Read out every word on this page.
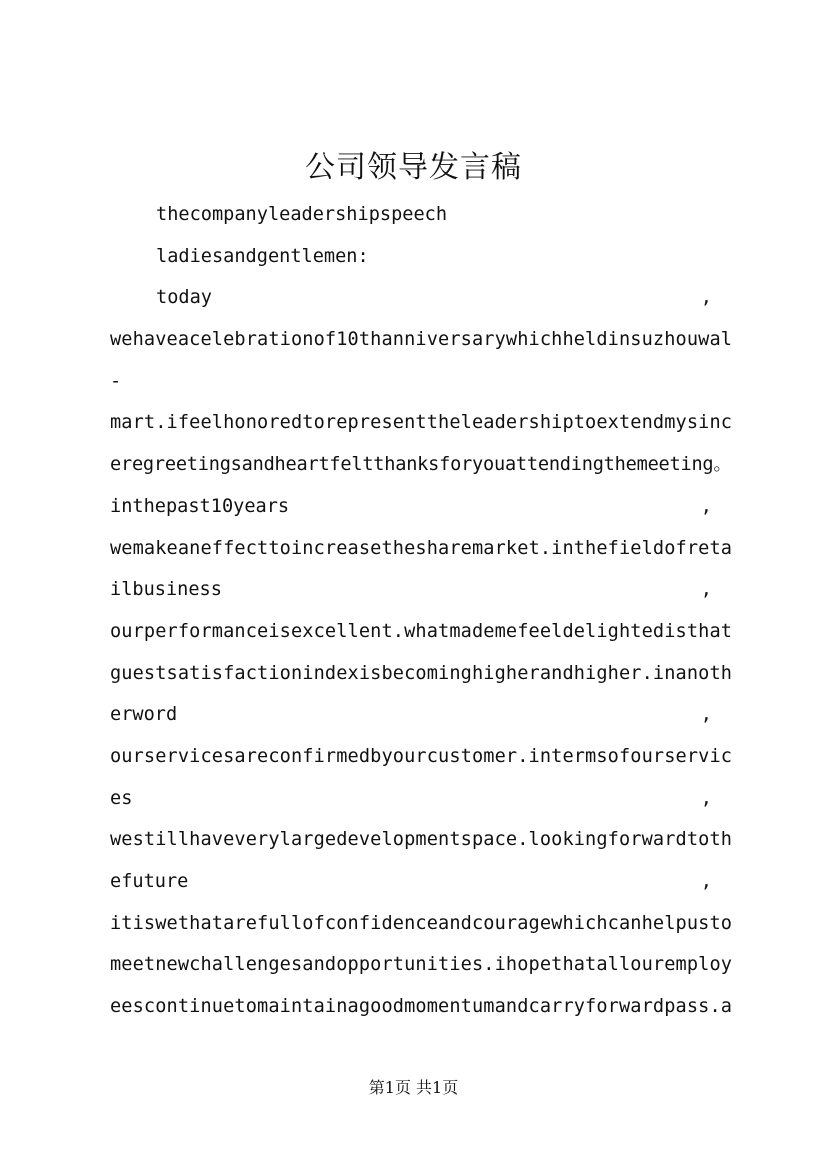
公司领导发言稿
thecompanyleadershipspeech
ladiesandgentlemen:
today	,
wehaveacelebrationof10thanniversarywhichheldinsuzhouwal
-
mart.ifeelhonoredtorepresenttheleadershiptoextendmysinc
eregreetingsandheartfeltthanksforyouattendingthemeeting。
inthepast10years	,
wemakeaneffecttoincreasethesharemarket.inthefieldofreta
ilbusiness	,
ourperformanceisexcellent.whatmademefeeldelightedisthat
guestsatisfactionindexisbecominghigherandhigher.inanoth
erword	,
ourservicesareconfirmedbyourcustomer.intermsofourservic
es	,
westillhaveverylargedevelopmentspace.lookingforwardtoth
efuture	,
itiswethatarefullofconfidenceandcouragewhichcanhelpusto
meetnewchallengesandopportunities.ihopethatallouremploy
eescontinuetomaintainagoodmomentumandcarryforwardpass.a
第1页 共1页
